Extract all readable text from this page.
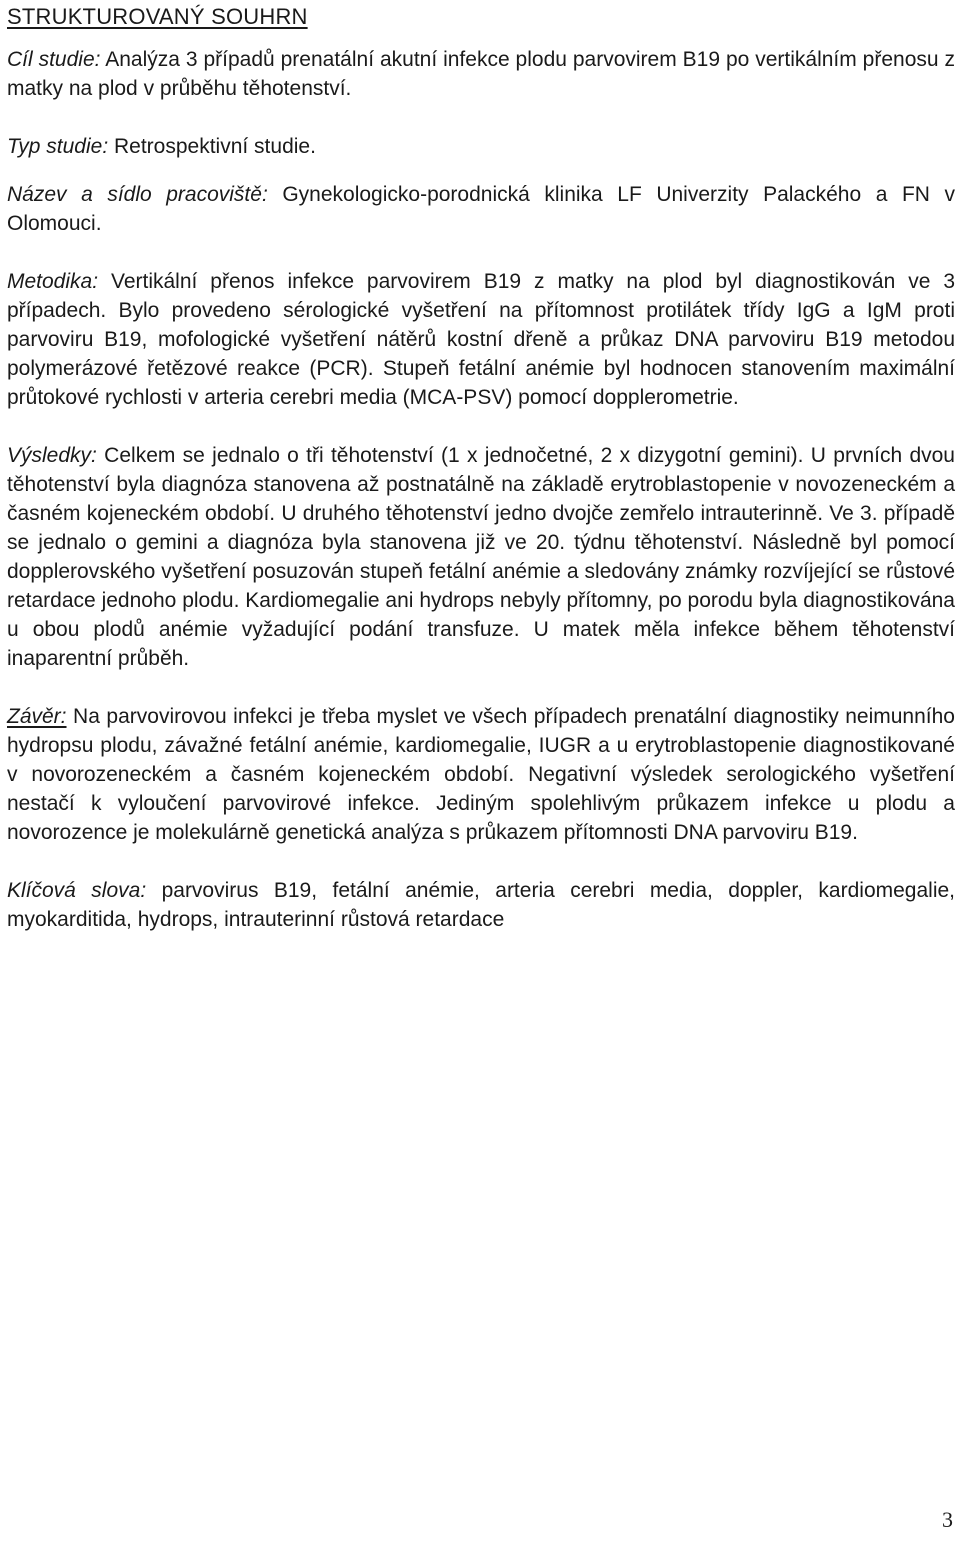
STRUKTUROVANÝ SOUHRN

Cíl studie: Analýza 3 případů prenatální akutní infekce plodu parvovirem B19 po vertikálním přenosu z matky na plod v průběhu těhotenství.

Typ studie: Retrospektivní studie.

Název a sídlo pracoviště: Gynekologicko-porodnická klinika LF Univerzity Palackého a FN v Olomouci.

Metodika: Vertikální přenos infekce parvovirem B19 z matky na plod byl diagnostikován ve 3 případech. Bylo provedeno sérologické vyšetření na přítomnost protilátek třídy IgG a IgM proti parvoviru B19, mofologické vyšetření nátěrů kostní dřeně a průkaz DNA parvoviru B19 metodou polymerázové řetězové reakce (PCR). Stupeň fetální anémie byl hodnocen stanovením maximální průtokové rychlosti v arteria cerebri media (MCA-PSV) pomocí dopplerometrie.

Výsledky: Celkem se jednalo o tři těhotenství (1 x jednočetné, 2 x dizygotní gemini). U prvních dvou těhotenství byla diagnóza stanovena až postnatálně na základě erytroblastopenie v novozeneckém a časném kojeneckém období. U druhého těhotenství jedno dvojče zemřelo intrauterinně. Ve 3. případě se jednalo o gemini a diagnóza byla stanovena již ve 20. týdnu těhotenství. Následně byl pomocí dopplerovského vyšetření posuzován stupeň fetální anémie a sledovány známky rozvíjející se růstové retardace jednoho plodu. Kardiomegalie ani hydrops nebyly přítomny, po porodu byla diagnostikována u obou plodů anémie vyžadující podání transfuze. U matek měla infekce během těhotenství inaparentní průběh.

Závěr: Na parvovirovou infekci je třeba myslet ve všech případech prenatální diagnostiky neimunního hydropsu plodu, závažné fetální anémie, kardiomegalie, IUGR a u erytroblastopenie diagnostikované v novorozeneckém a časném kojeneckém období. Negativní výsledek serologického vyšetření nestačí k vyloučení parvovirové infekce. Jediným spolehlivým průkazem infekce u plodu a novorozence je molekulárně genetická analýza s průkazem přítomnosti DNA parvoviru B19.

Klíčová slova: parvovirus B19, fetální anémie, arteria cerebri media, doppler, kardiomegalie, myokarditida, hydrops, intrauterinní růstová retardace

3
